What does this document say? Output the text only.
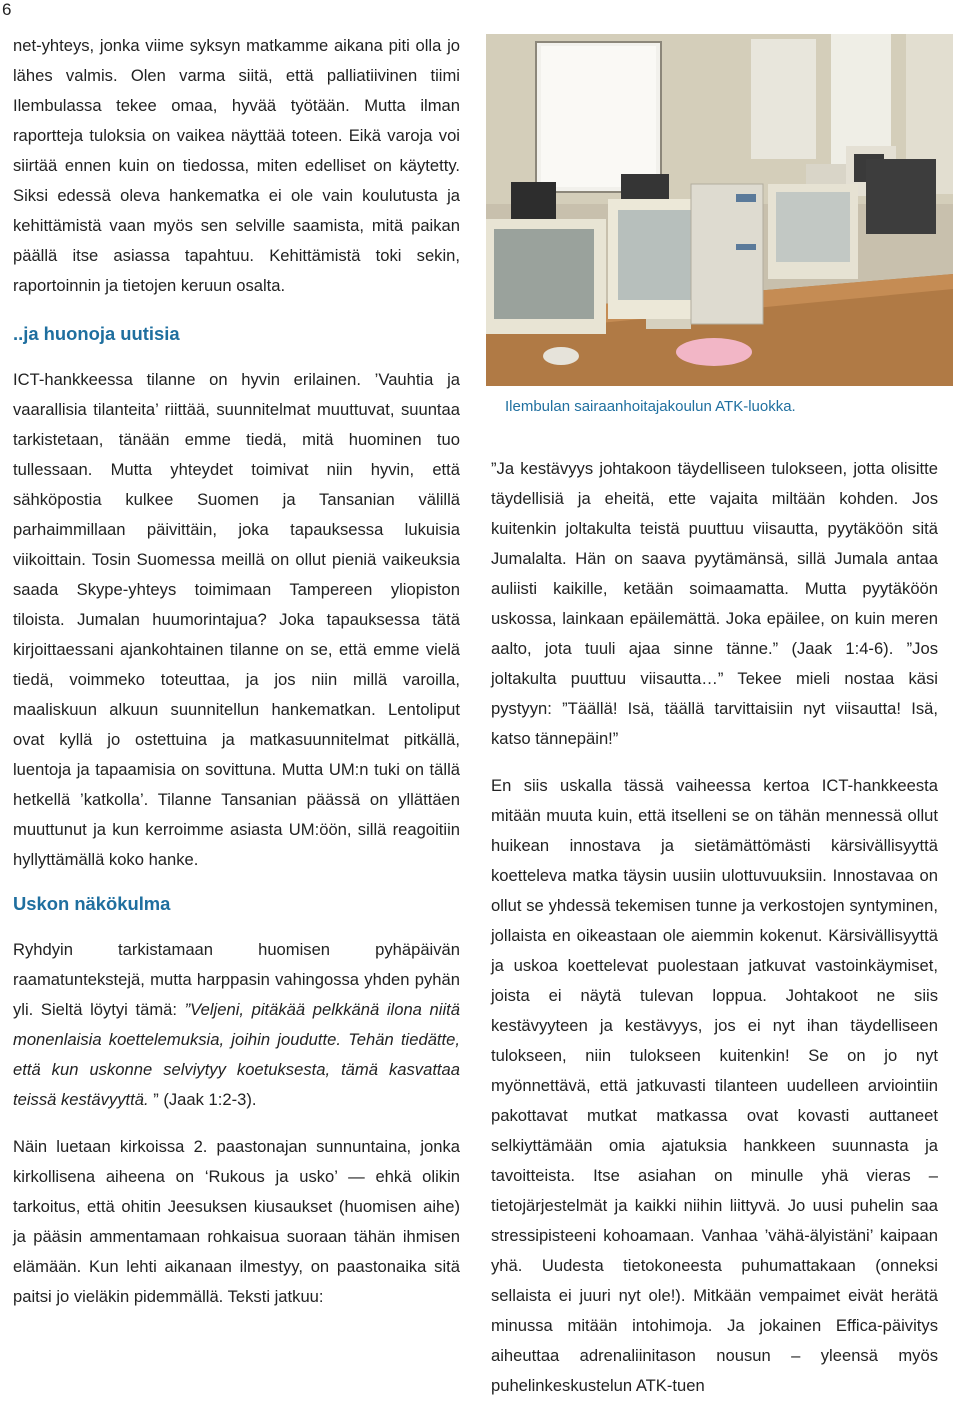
6

net-yhteys, jonka viime syksyn matkamme aikana piti olla jo lähes valmis. Olen varma siitä, että palliatiivinen tiimi Ilembulassa tekee omaa, hyvää työtään. Mutta ilman raportteja tuloksia on vaikea näyttää toteen. Eikä varoja voi siirtää ennen kuin on tiedossa, miten edelliset on käytetty. Siksi edessä oleva hankematka ei ole vain koulutusta ja kehittämistä vaan myös sen selville saamista, mitä paikan päällä itse asiassa tapahtuu. Kehittämistä toki sekin, raportoinnin ja tietojen keruun osalta.

..ja huonoja uutisia

ICT-hankkeessa tilanne on hyvin erilainen. ’Vauhtia ja vaarallisia tilanteita’ riittää, suunnitelmat muuttuvat, suuntaa tarkistetaan, tänään emme tiedä, mitä huominen tuo tullessaan. Mutta yhteydet toimivat niin hyvin, että sähköpostia kulkee Suomen ja Tansanian välillä parhaimmillaan päivittäin, joka tapauksessa lukuisia viikoittain. Tosin Suomessa meillä on ollut pieniä vaikeuksia saada Skype-yhteys toimimaan Tampereen yliopiston tiloista. Jumalan huumorintajua? Joka tapauksessa tätä kirjoittaessani ajankohtainen tilanne on se, että emme vielä tiedä, voimmeko toteuttaa, ja jos niin millä varoilla, maaliskuun alkuun suunnitellun hankematkan. Lentoliput ovat kyllä jo ostettuina ja matkasuunnitelmat pitkällä, luentoja ja tapaamisia on sovittuna. Mutta UM:n tuki on tällä hetkellä ’katkolla’. Tilanne Tansanian päässä on yllättäen muuttunut ja kun kerroimme asiasta UM:öön, sillä reagoitiin hyllyttämällä koko hanke.

Uskon näkökulma

Ryhdyin tarkistamaan huomisen pyhäpäivän raamatuntekstejä, mutta harppasin vahingossa yhden pyhän yli. Sieltä löytyi tämä: ”Veljeni, pitäkää pelkkänä ilona niitä monenlaisia koettelemuksia, joihin joudutte. Tehän tiedätte, että kun uskonne selviytyy koetuksesta, tämä kasvattaa teissä kestävyyttä. ” (Jaak 1:2-3).

Näin luetaan kirkoissa 2. paastonajan sunnuntaina, jonka kirkollisena aiheena on ‘Rukous ja usko’ — ehkä olikin tarkoitus, että ohitin Jeesuksen kiusaukset (huomisen aihe) ja pääsin ammentamaan rohkaisua suoraan tähän ihmisen elämään. Kun lehti aikanaan ilmestyy, on paastonaika sitä paitsi jo vieläkin pidemmällä. Teksti jatkuu:

Ilembulan sairaanhoitajakoulun ATK-luokka.

”Ja kestävyys johtakoon täydelliseen tulokseen, jotta olisitte täydellisiä ja eheitä, ette vajaita miltään kohden. Jos kuitenkin joltakulta teistä puuttuu viisautta, pyytäköön sitä Jumalalta. Hän on saava pyytämänsä, sillä Jumala antaa auliisti kaikille, ketään soimaamatta. Mutta pyytäköön uskossa, lainkaan epäilemättä. Joka epäilee, on kuin meren aalto, jota tuuli ajaa sinne tänne.” (Jaak 1:4-6). ”Jos joltakulta puuttuu viisautta…” Tekee mieli nostaa käsi pystyyn: ”Täällä! Isä, täällä tarvittaisiin nyt viisautta! Isä, katso tännepäin!”

En siis uskalla tässä vaiheessa kertoa ICT-hankkeesta mitään muuta kuin, että itselleni se on tähän mennessä ollut huikean innostava ja sietämättömästi kärsivällisyyttä koetteleva matka täysin uusiin ulottuvuuksiin. Innostavaa on ollut se yhdessä tekemisen tunne ja verkostojen syntyminen, jollaista en oikeastaan ole aiemmin kokenut. Kärsivällisyyttä ja uskoa koettelevat puolestaan jatkuvat vastoinkäymiset, joista ei näytä tulevan loppua. Johtakoot ne siis kestävyyteen ja kestävyys, jos ei nyt ihan täydelliseen tulokseen, niin tulokseen kuitenkin! Se on jo nyt myönnettävä, että jatkuvasti tilanteen uudelleen arviointiin pakottavat mutkat matkassa ovat kovasti auttaneet selkiyttämään omia ajatuksia hankkeen suunnasta ja tavoitteista. Itse asiahan on minulle yhä vieras – tietojärjestelmät ja kaikki niihin liittyvä. Jo uusi puhelin saa stressipisteeni kohoamaan. Vanhaa ’vähä-älyistäni’ kaipaan yhä. Uudesta tietokoneesta puhumattakaan (onneksi sellaista ei juuri nyt ole!). Mitkään vempaimet eivät herätä minussa mitään intohimoja. Ja jokainen Effica-päivitys aiheuttaa adrenaliinitason nousun – yleensä myös puhelinkeskustelun ATK-tuen
